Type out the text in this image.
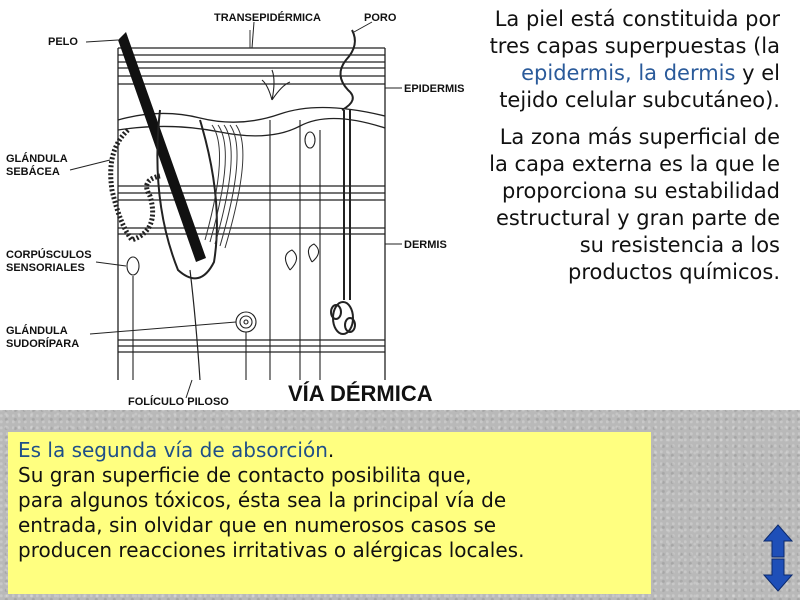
PELO
TRANSEPIDÉRMICA	PORO
EPIDERMIS
GLÁNDULA
SEBÁCEA
DERMIS
CORPÚSCULOS
SENSORIALES
GLÁNDULA
SUDORÍPARA
FOLÍCULO PILOSO	VÍA DÉRMICA

La piel está constituida por tres capas superpuestas (la epidermis, la dermis y el tejido celular subcutáneo).

La zona más superficial de la capa externa es la que le proporciona su estabilidad estructural y gran parte de su resistencia a los productos químicos.

Es la segunda vía de absorción.
Su gran superficie de contacto posibilita que,
para algunos tóxicos, ésta sea la principal vía de
entrada, sin olvidar que en numerosos casos se
producen reacciones irritativas o alérgicas locales.
